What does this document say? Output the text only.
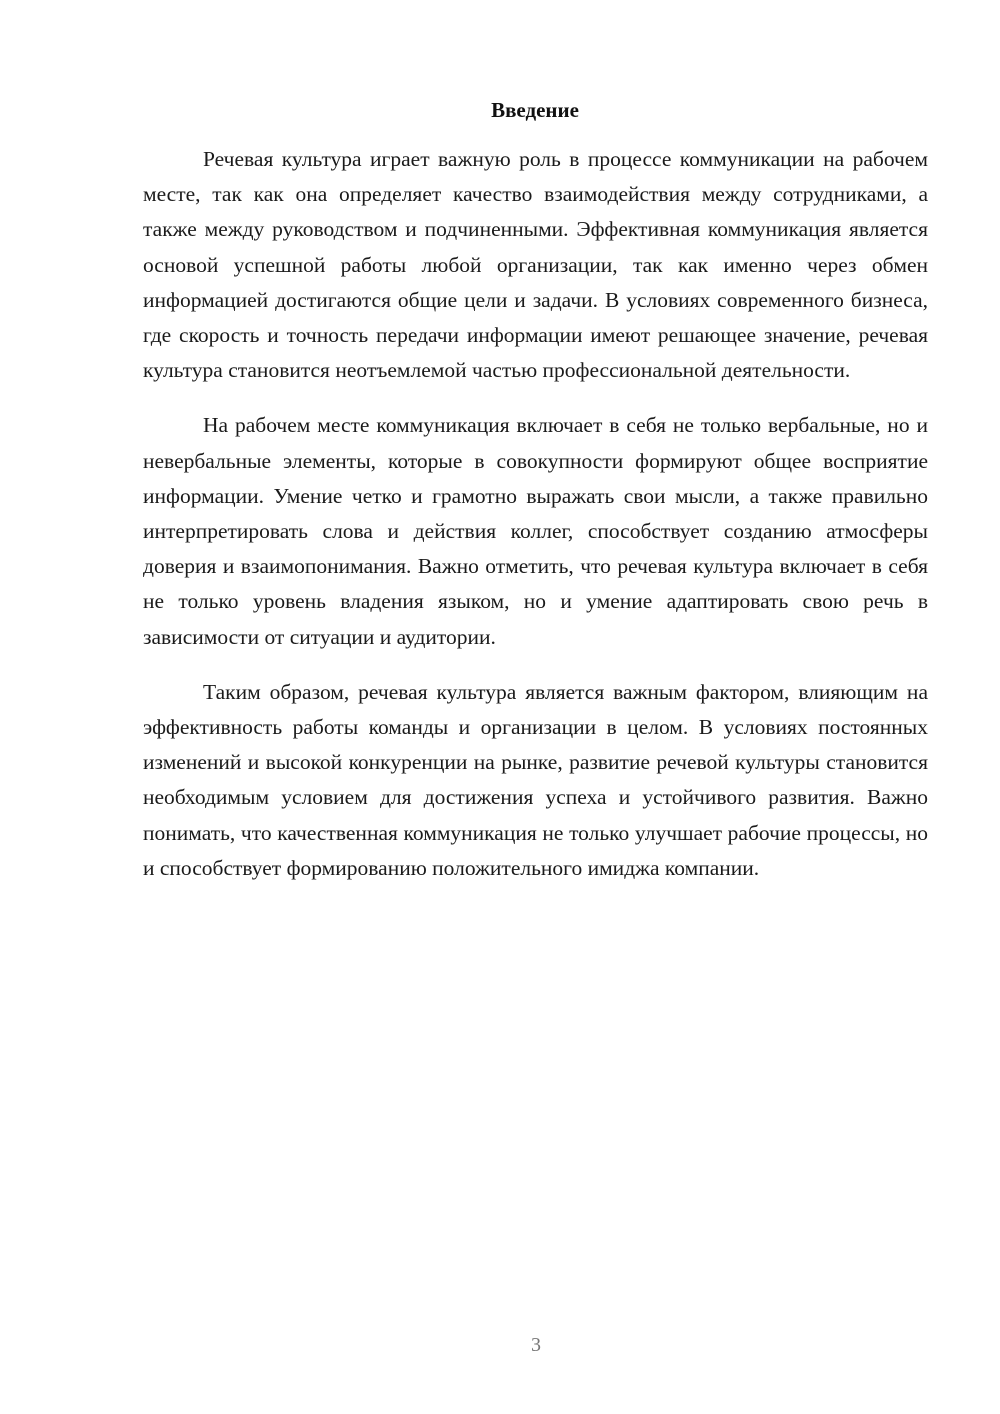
Введение

Речевая культура играет важную роль в процессе коммуникации на рабочем месте, так как она определяет качество взаимодействия между сотрудниками, а также между руководством и подчиненными. Эффективная коммуникация является основой успешной работы любой организации, так как именно через обмен информацией достигаются общие цели и задачи. В условиях современного бизнеса, где скорость и точность передачи информации имеют решающее значение, речевая культура становится неотъемлемой частью профессиональной деятельности.

На рабочем месте коммуникация включает в себя не только вербальные, но и невербальные элементы, которые в совокупности формируют общее восприятие информации. Умение четко и грамотно выражать свои мысли, а также правильно интерпретировать слова и действия коллег, способствует созданию атмосферы доверия и взаимопонимания. Важно отметить, что речевая культура включает в себя не только уровень владения языком, но и умение адаптировать свою речь в зависимости от ситуации и аудитории.

Таким образом, речевая культура является важным фактором, влияющим на эффективность работы команды и организации в целом. В условиях постоянных изменений и высокой конкуренции на рынке, развитие речевой культуры становится необходимым условием для достижения успеха и устойчивого развития. Важно понимать, что качественная коммуникация не только улучшает рабочие процессы, но и способствует формированию положительного имиджа компании.

3
